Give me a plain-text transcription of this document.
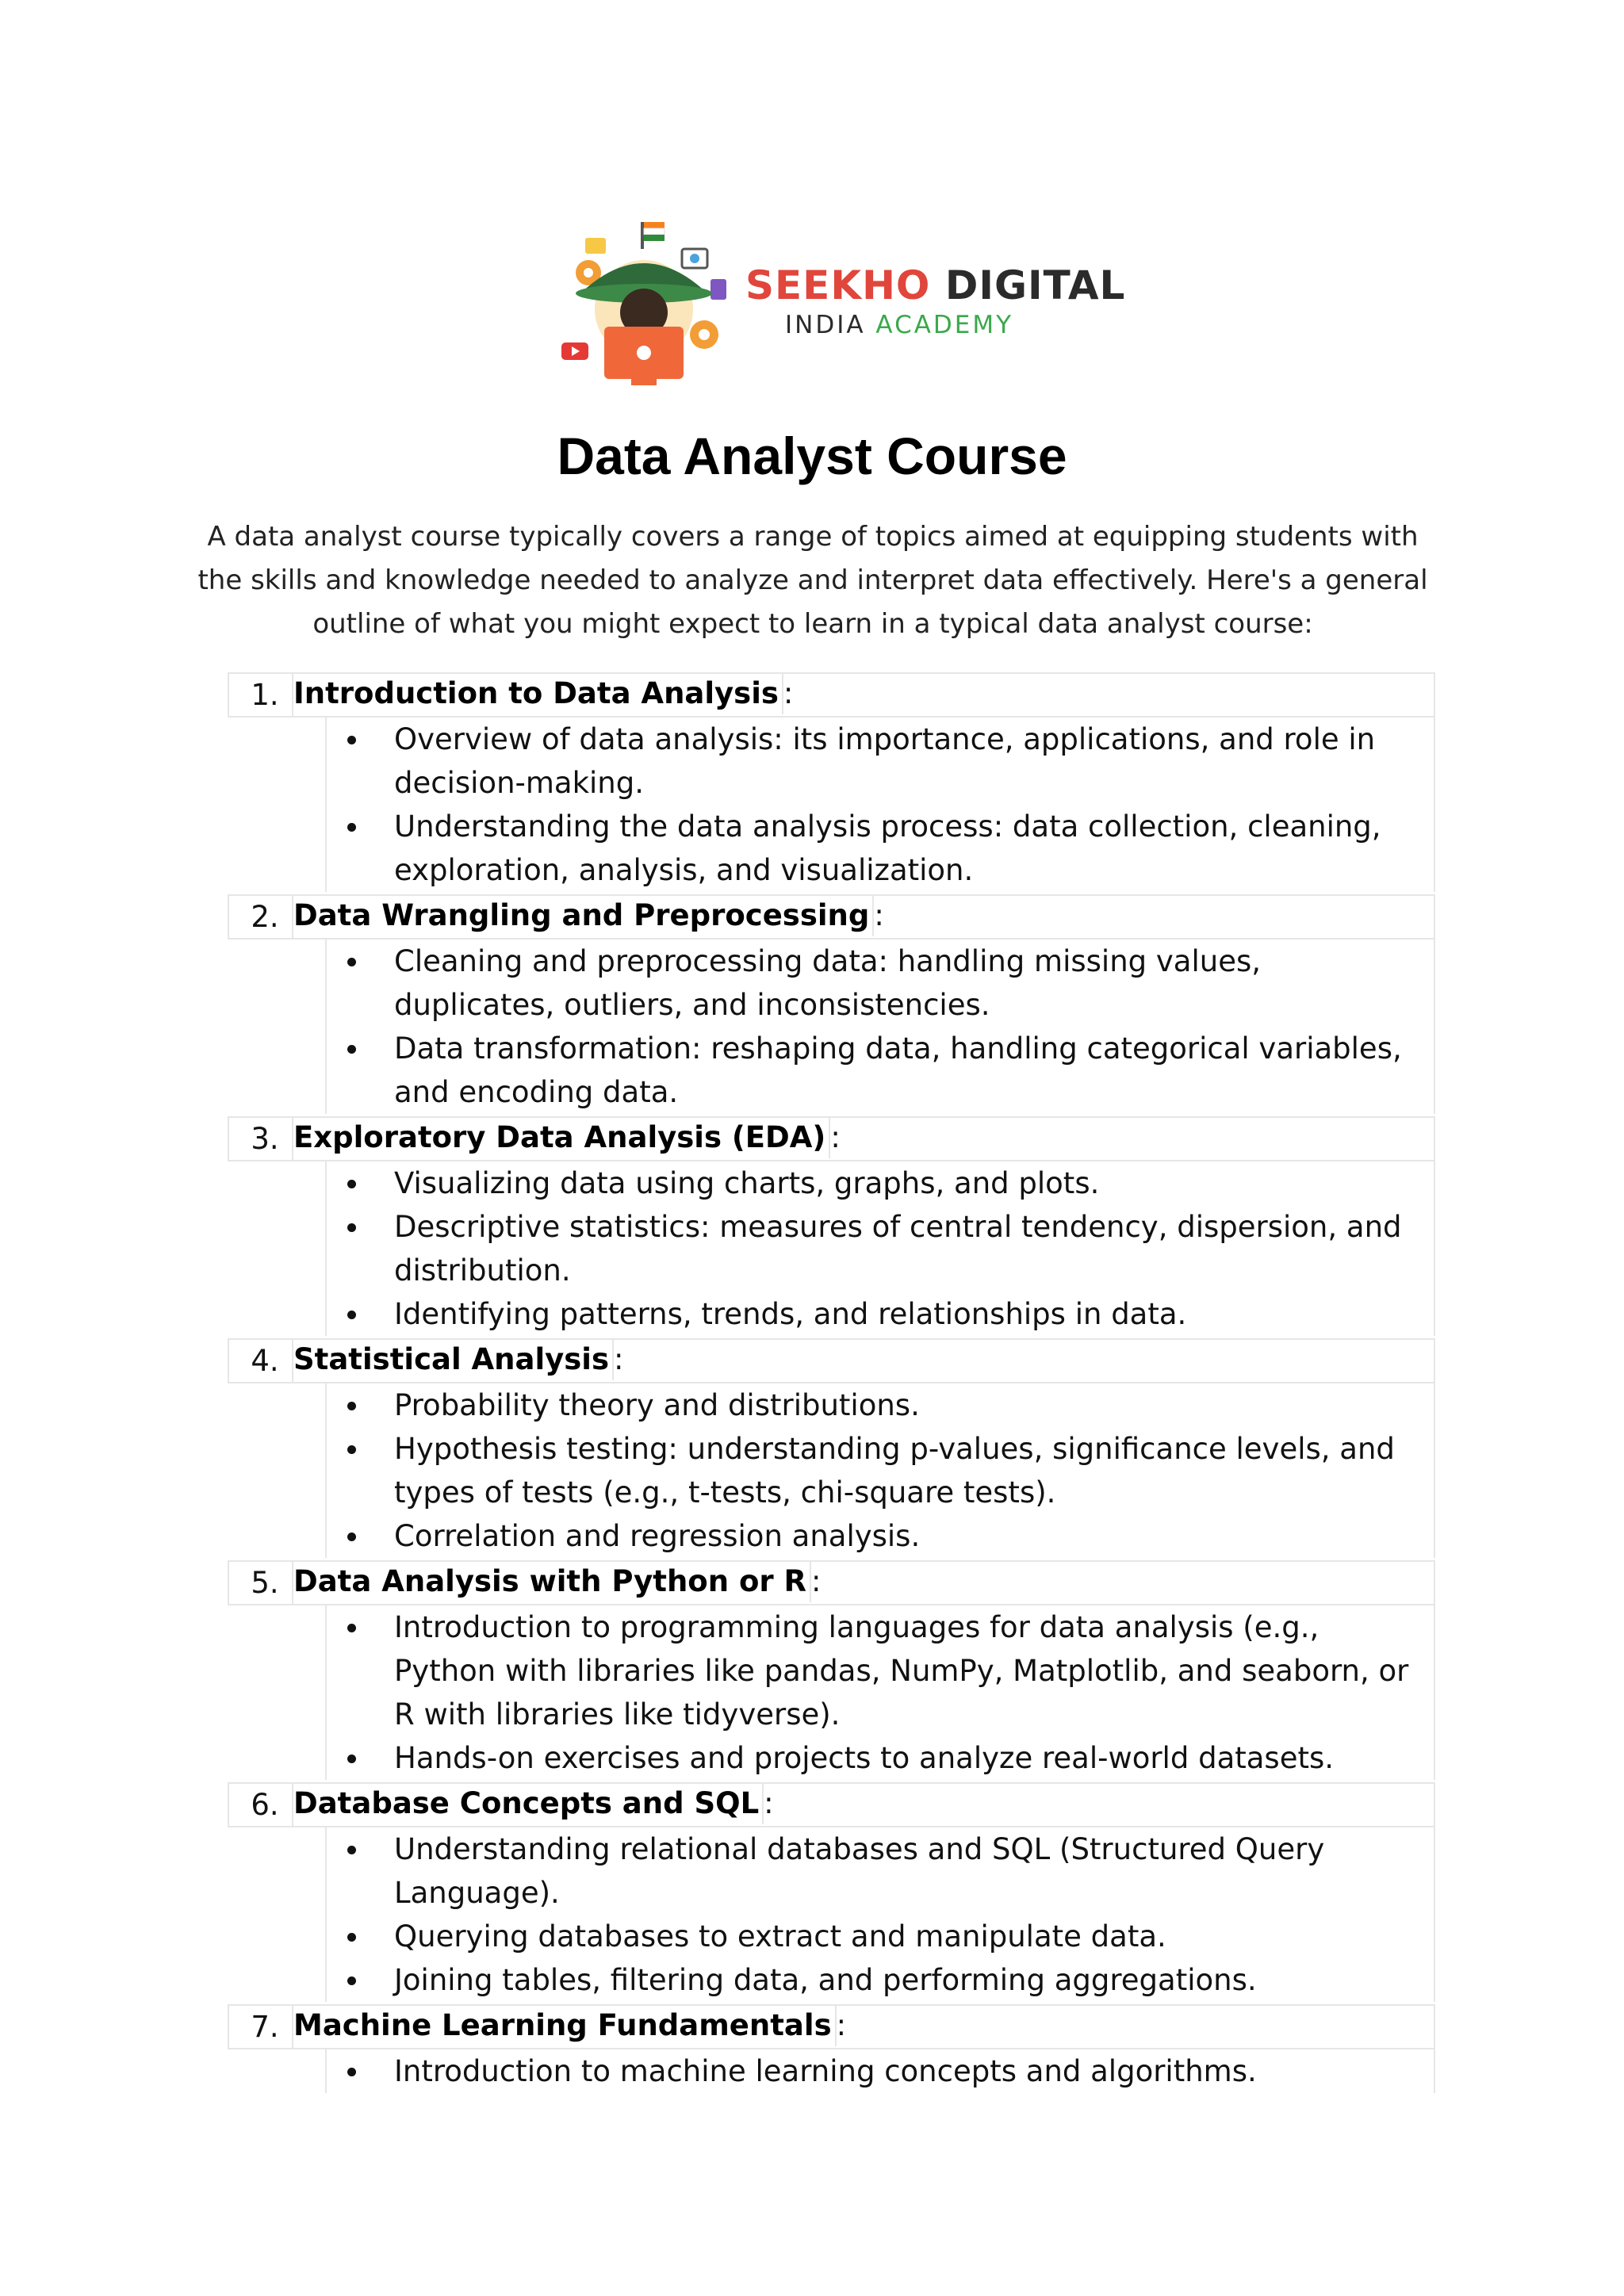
SEEKHO DIGITAL
INDIA ACADEMY
Data Analyst Course
A data analyst course typically covers a range of topics aimed at equipping students with the skills and knowledge needed to analyze and interpret data effectively. Here's a general outline of what you might expect to learn in a typical data analyst course:
1. Introduction to Data Analysis :
Overview of data analysis: its importance, applications, and role in decision-making.
Understanding the data analysis process: data collection, cleaning, exploration, analysis, and visualization.
2. Data Wrangling and Preprocessing :
Cleaning and preprocessing data: handling missing values, duplicates, outliers, and inconsistencies.
Data transformation: reshaping data, handling categorical variables, and encoding data.
3. Exploratory Data Analysis (EDA) :
Visualizing data using charts, graphs, and plots.
Descriptive statistics: measures of central tendency, dispersion, and distribution.
Identifying patterns, trends, and relationships in data.
4. Statistical Analysis :
Probability theory and distributions.
Hypothesis testing: understanding p-values, significance levels, and types of tests (e.g., t-tests, chi-square tests).
Correlation and regression analysis.
5. Data Analysis with Python or R :
Introduction to programming languages for data analysis (e.g., Python with libraries like pandas, NumPy, Matplotlib, and seaborn, or R with libraries like tidyverse).
Hands-on exercises and projects to analyze real-world datasets.
6. Database Concepts and SQL :
Understanding relational databases and SQL (Structured Query Language).
Querying databases to extract and manipulate data.
Joining tables, filtering data, and performing aggregations.
7. Machine Learning Fundamentals :
Introduction to machine learning concepts and algorithms.
